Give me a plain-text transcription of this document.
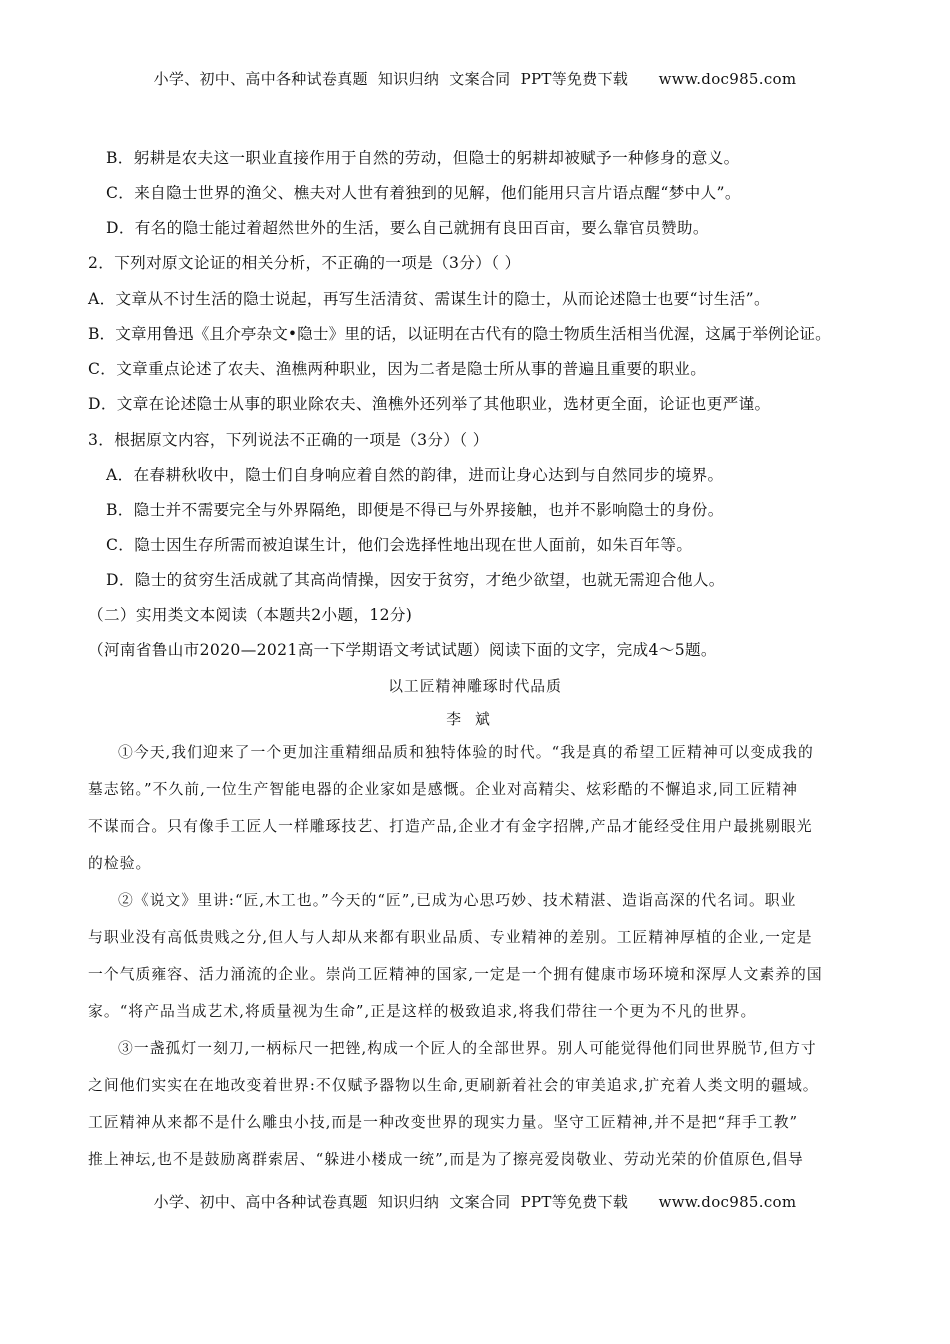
小学、初中、高中各种试卷真题  知识归纳  文案合同  PPT等免费下载      www.doc985.com
B．躬耕是农夫这一职业直接作用于自然的劳动，但隐士的躬耕却被赋予一种修身的意义。
C．来自隐士世界的渔父、樵夫对人世有着独到的见解，他们能用只言片语点醒“梦中人”。
D．有名的隐士能过着超然世外的生活，要么自己就拥有良田百亩，要么靠官员赞助。
2．下列对原文论证的相关分析，不正确的一项是（3分）（ ）
A．文章从不讨生活的隐士说起，再写生活清贫、需谋生计的隐士，从而论述隐士也要“讨生活”。
B．文章用鲁迅《且介亭杂文•隐士》里的话，以证明在古代有的隐士物质生活相当优渥，这属于举例论证。
C．文章重点论述了农夫、渔樵两种职业，因为二者是隐士所从事的普遍且重要的职业。
D．文章在论述隐士从事的职业除农夫、渔樵外还列举了其他职业，选材更全面，论证也更严谨。
3．根据原文内容，下列说法不正确的一项是（3分）（ ）
A．在春耕秋收中，隐士们自身响应着自然的韵律，进而让身心达到与自然同步的境界。
B．隐士并不需要完全与外界隔绝，即便是不得已与外界接触，也并不影响隐士的身份。
C．隐士因生存所需而被迫谋生计，他们会选择性地出现在世人面前，如朱百年等。
D．隐士的贫穷生活成就了其高尚情操，因安于贫穷，才绝少欲望，也就无需迎合他人。
（二）实用类文本阅读（本题共2小题，12分)
（河南省鲁山市2020—2021高一下学期语文考试试题）阅读下面的文字，完成4～5题。
以工匠精神雕琢时代品质
李斌
①今天,我们迎来了一个更加注重精细品质和独特体验的时代。“我是真的希望工匠精神可以变成我的
墓志铭。”不久前,一位生产智能电器的企业家如是感慨。企业对高精尖、炫彩酷的不懈追求,同工匠精神
不谋而合。只有像手工匠人一样雕琢技艺、打造产品,企业才有金字招牌,产品才能经受住用户最挑剔眼光
的检验。
②《说文》里讲:“匠,木工也。”今天的“匠”,已成为心思巧妙、技术精湛、造诣高深的代名词。职业
与职业没有高低贵贱之分,但人与人却从来都有职业品质、专业精神的差别。工匠精神厚植的企业,一定是
一个气质雍容、活力涌流的企业。崇尚工匠精神的国家,一定是一个拥有健康市场环境和深厚人文素养的国
家。“将产品当成艺术,将质量视为生命”,正是这样的极致追求,将我们带往一个更为不凡的世界。
③一盏孤灯一刻刀,一柄标尺一把锉,构成一个匠人的全部世界。别人可能觉得他们同世界脱节,但方寸
之间他们实实在在地改变着世界:不仅赋予器物以生命,更刷新着社会的审美追求,扩充着人类文明的疆域。
工匠精神从来都不是什么雕虫小技,而是一种改变世界的现实力量。坚守工匠精神,并不是把“拜手工教”
推上神坛,也不是鼓励离群索居、“躲进小楼成一统”,而是为了擦亮爱岗敬业、劳动光荣的价值原色,倡导
小学、初中、高中各种试卷真题  知识归纳  文案合同  PPT等免费下载      www.doc985.com
